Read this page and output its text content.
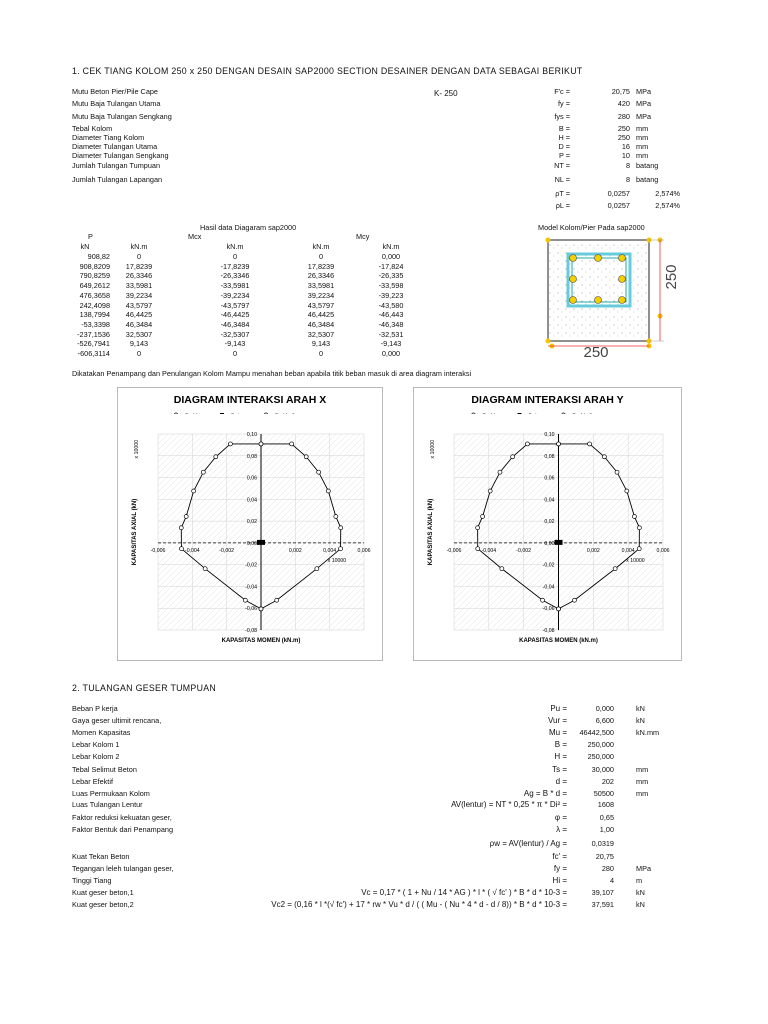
1. CEK TIANG KOLOM 250 x 250 DENGAN DESAIN SAP2000 SECTION DESAINER DENGAN DATA SEBAGAI BERIKUT
K- 250
Mutu Beton Pier/Pile Cape	F'c =	20,75 MPa
Mutu Baja Tulangan Utama	fy =	420 MPa
Mutu Baja Tulangan Sengkang	fys =	280 MPa
Tebal Kolom	B =	250 mm
Diameter Tiang Kolom	H =	250 mm
Diameter Tulangan Utama	D =	16 mm
Diameter Tulangan Sengkang	P =	10 mm
Jumlah Tulangan Tumpuan	NT =	8 batang
Jumlah Tulangan Lapangan	NL =	8 batang
ρT =	0,0257	2,574%
ρL =	0,0257	2,574%
Hasil data Diagaram sap2000
P	Mcx	Mcy
kN	kN.m	kN.m	kN.m	kN.m
908,82	0	0	0	0,000
908,8209	17,8239	-17,8239	17,8239	-17,824
790,8259	26,3346	-26,3346	26,3346	-26,335
649,2612	33,5981	-33,5981	33,5981	-33,598
476,3658	39,2234	-39,2234	39,2234	-39,223
242,4098	43,5797	-43,5797	43,5797	-43,580
138,7994	46,4425	-46,4425	46,4425	-46,443
-53,3398	46,3484	-46,3484	46,3484	-46,348
-237,1536	32,5307	-32,5307	32,5307	-32,531
-526,7941	9,143	-9,143	9,143	-9,143
-606,3114	0	0	0	0,000
Model Kolom/Pier Pada sap2000
250
250
Dikatakan Penampang dan Penulangan Kolom Mampu menahan beban apabila titik beban masuk di area diagram interaksi
DIAGRAM INTERAKSI ARAH X
0,10
0,08
0,06
0,04
0,02
0,00
-0,02
-0,04
-0,06
-0,08
-0,006	-0,004	-0,002	0,002	0,004	0,006
x 10000
x 10000
KAPASITAS MOMEN (kN.m)
KAPASITAS AXIAL (kN)
DIAGRAM INTERAKSI ARAH Y
0,10
0,08
0,06
0,04
0,02
0,00
-0,02
-0,04
-0,06
-0,08
-0,006	-0,004	-0,002	0,002	0,004	0,006
x 10000
x 10000
KAPASITAS MOMEN (kN.m)
KAPASITAS AXIAL (kN)
2. TULANGAN GESER TUMPUAN
Beban P kerja	Pu =	0,000	kN
Gaya geser ultimit rencana,	Vur =	6,600	kN
Momen Kapasitas	Mu =	46442,500	kN.mm
Lebar Kolom 1	B =	250,000
Lebar Kolom 2	H =	250,000
Tebal Selimut Beton	Ts =	30,000	mm
Lebar Efektif	d =	202	mm
Luas Permukaan Kolom	Ag = B * d =	50500	mm
Luas Tulangan Lentur	AV(lentur) = NT * 0,25 * π * Di² =	1608
Faktor reduksi kekuatan geser,	φ =	0,65
Faktor Bentuk dari Penampang	λ =	1,00
ρw = AV(lentur) / Ag =	0,0319
Kuat Tekan Beton	fc' =	20,75
Tegangan leleh tulangan geser,	fy =	280	MPa
Tinggi Tiang	Hi =	4	m
Kuat geser beton,1	Vc = 0,17 * ( 1 + Nu / 14 * AG ) * l * ( √ fc' ) * B * d * 10-3 =	39,107	kN
Kuat geser beton,2	Vc2 = (0,16 * l *(√ fc') + 17 * rw * Vu * d / ( ( Mu - ( Nu * 4 * d - d / 8)) * B * d * 10-3 =	37,591	kN
